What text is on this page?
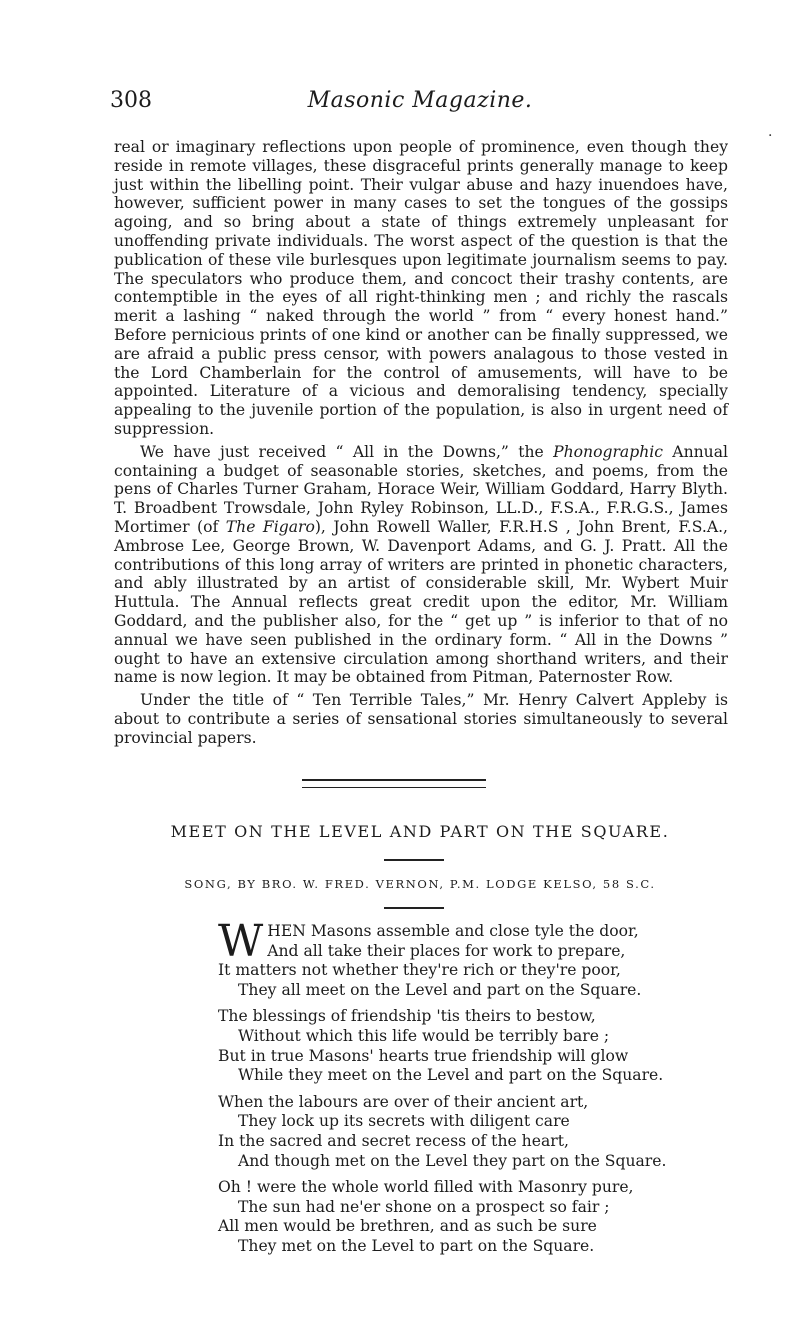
308	Masonic Magazine.
·

real or imaginary reflections upon people of prominence, even though they reside in remote villages, these disgraceful prints generally manage to keep just within the libelling point. Their vulgar abuse and hazy inuendoes have, however, sufficient power in many cases to set the tongues of the gossips agoing, and so bring about a state of things extremely unpleasant for unoffending private individuals. The worst aspect of the question is that the publication of these vile burlesques upon legitimate journalism seems to pay. The speculators who produce them, and concoct their trashy contents, are contemptible in the eyes of all right-thinking men ; and richly the rascals merit a lashing “ naked through the world ” from “ every honest hand.” Before pernicious prints of one kind or another can be finally suppressed, we are afraid a public press censor, with powers analagous to those vested in the Lord Chamberlain for the control of amusements, will have to be appointed. Literature of a vicious and demoralising tendency, specially appealing to the juvenile portion of the population, is also in urgent need of suppression.

We have just received “ All in the Downs,” the Phonographic Annual containing a budget of seasonable stories, sketches, and poems, from the pens of Charles Turner Graham, Horace Weir, William Goddard, Harry Blyth. T. Broadbent Trowsdale, John Ryley Robinson, LL.D., F.S.A., F.R.G.S., James Mortimer (of The Figaro), John Rowell Waller, F.R.H.S , John Brent, F.S.A., Ambrose Lee, George Brown, W. Davenport Adams, and G. J. Pratt. All the contributions of this long array of writers are printed in phonetic characters, and ably illustrated by an artist of considerable skill, Mr. Wybert Muir Huttula. The Annual reflects great credit upon the editor, Mr. William Goddard, and the publisher also, for the “ get up ” is inferior to that of no annual we have seen published in the ordinary form. “ All in the Downs ” ought to have an extensive circulation among shorthand writers, and their name is now legion. It may be obtained from Pitman, Paternoster Row.

Under the title of “ Ten Terrible Tales,” Mr. Henry Calvert Appleby is about to contribute a series of sensational stories simultaneously to several provincial papers.

MEET ON THE LEVEL AND PART ON THE SQUARE.
SONG, BY BRO. W. FRED. VERNON, P.M. LODGE KELSO, 58 S.C.
W HEN Masons assemble and close tyle the door,
And all take their places for work to prepare,
It matters not whether they're rich or they're poor,
They all meet on the Level and part on the Square.
The blessings of friendship 'tis theirs to bestow,
Without which this life would be terribly bare ;
But in true Masons' hearts true friendship will glow
While they meet on the Level and part on the Square.
When the labours are over of their ancient art,
They lock up its secrets with diligent care
In the sacred and secret recess of the heart,
And though met on the Level they part on the Square.
Oh ! were the whole world filled with Masonry pure,
The sun had ne'er shone on a prospect so fair ;
All men would be brethren, and as such be sure
They met on the Level to part on the Square.
